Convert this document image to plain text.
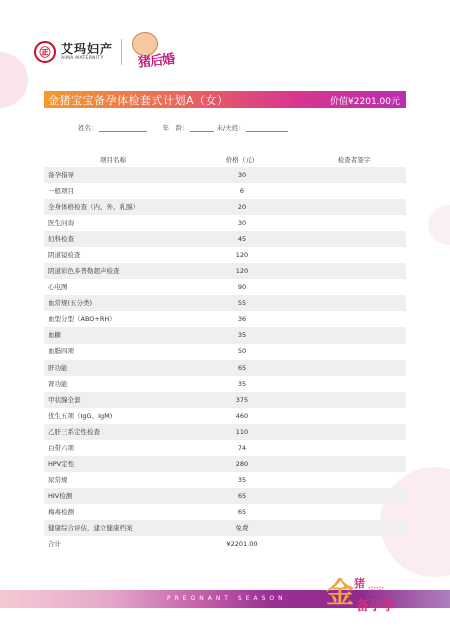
㊣ 艾玛妇产
AIMA MATERNITY	猪后婚
金猪宝宝备孕体检套式计划A（女）	价值¥2201.00元
姓名：	年　龄：	未/夫姓：
项目名称	价格（元）	检查者签字
备孕指导	30	
一般项目	6	
全身体格检查（内、外、乳腺）	20	
医生问询	30	
妇科检查	45	
阴道镜检查	120	
阴道彩色多普勒超声检查	120	
心电图	90	
血常规(五分类)	55	
血型分型（ABO+RH）	36	
血糖	35	
血脂四项	50	
肝功能	65	
肾功能	35	
甲状腺全套	375	
优生五项（IgG、IgM)	460	
乙肝三系定性检查	110	
白带六项	74	
HPV定性	280	
尿常规	35	
HIV检测	65	
梅毒检测	65	
健康综合评估，建立健康档案	免费	
合计	¥2201.00	
PREGNANT SEASON 金 猪
宝宝
备孕季
